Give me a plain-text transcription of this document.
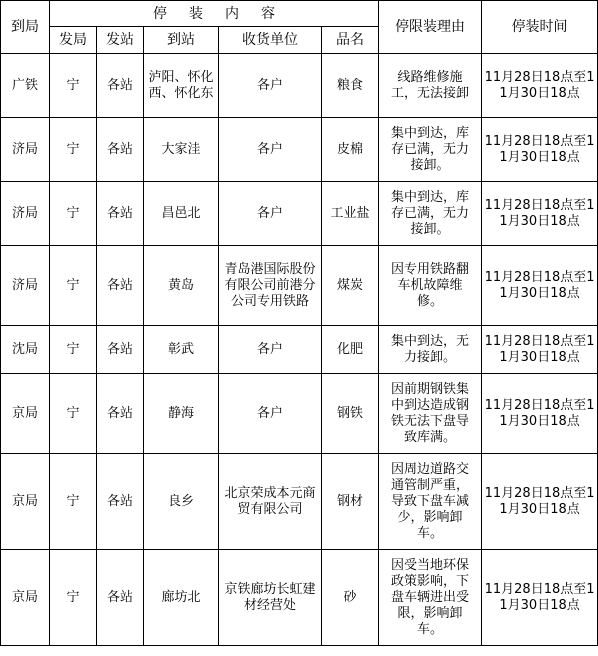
到局	停装内容					停限装理由	停装时间
	发局	发站	到站	收货单位	品名		
广铁	宁	各站	泸阳、怀化西、怀化东	各户	粮食	线路维修施工，无法接卸	11月28日18点至11月30日18点
济局	宁	各站	大家洼	各户	皮棉	集中到达，库存已满，无力接卸。	11月28日18点至11月30日18点
济局	宁	各站	昌邑北	各户	工业盐	集中到达，库存已满，无力接卸。	11月28日18点至11月30日18点
济局	宁	各站	黄岛	青岛港国际股份有限公司前港分公司专用铁路	煤炭	因专用铁路翻车机故障维修。	11月28日18点至11月30日18点
沈局	宁	各站	彰武	各户	化肥	集中到达，无力接卸。	11月28日18点至11月30日18点
京局	宁	各站	静海	各户	钢铁	因前期钢铁集中到达造成钢铁无法下盘导致库满。	11月28日18点至11月30日18点
京局	宁	各站	良乡	北京荣成本元商贸有限公司	钢材	因周边道路交通管制严重，导致下盘车减少，影响卸车。	11月28日18点至11月30日18点
京局	宁	各站	廊坊北	京铁廊坊长虹建材经营处	砂	因受当地环保政策影响，下盘车辆进出受限，影响卸车。	11月28日18点至11月30日18点
